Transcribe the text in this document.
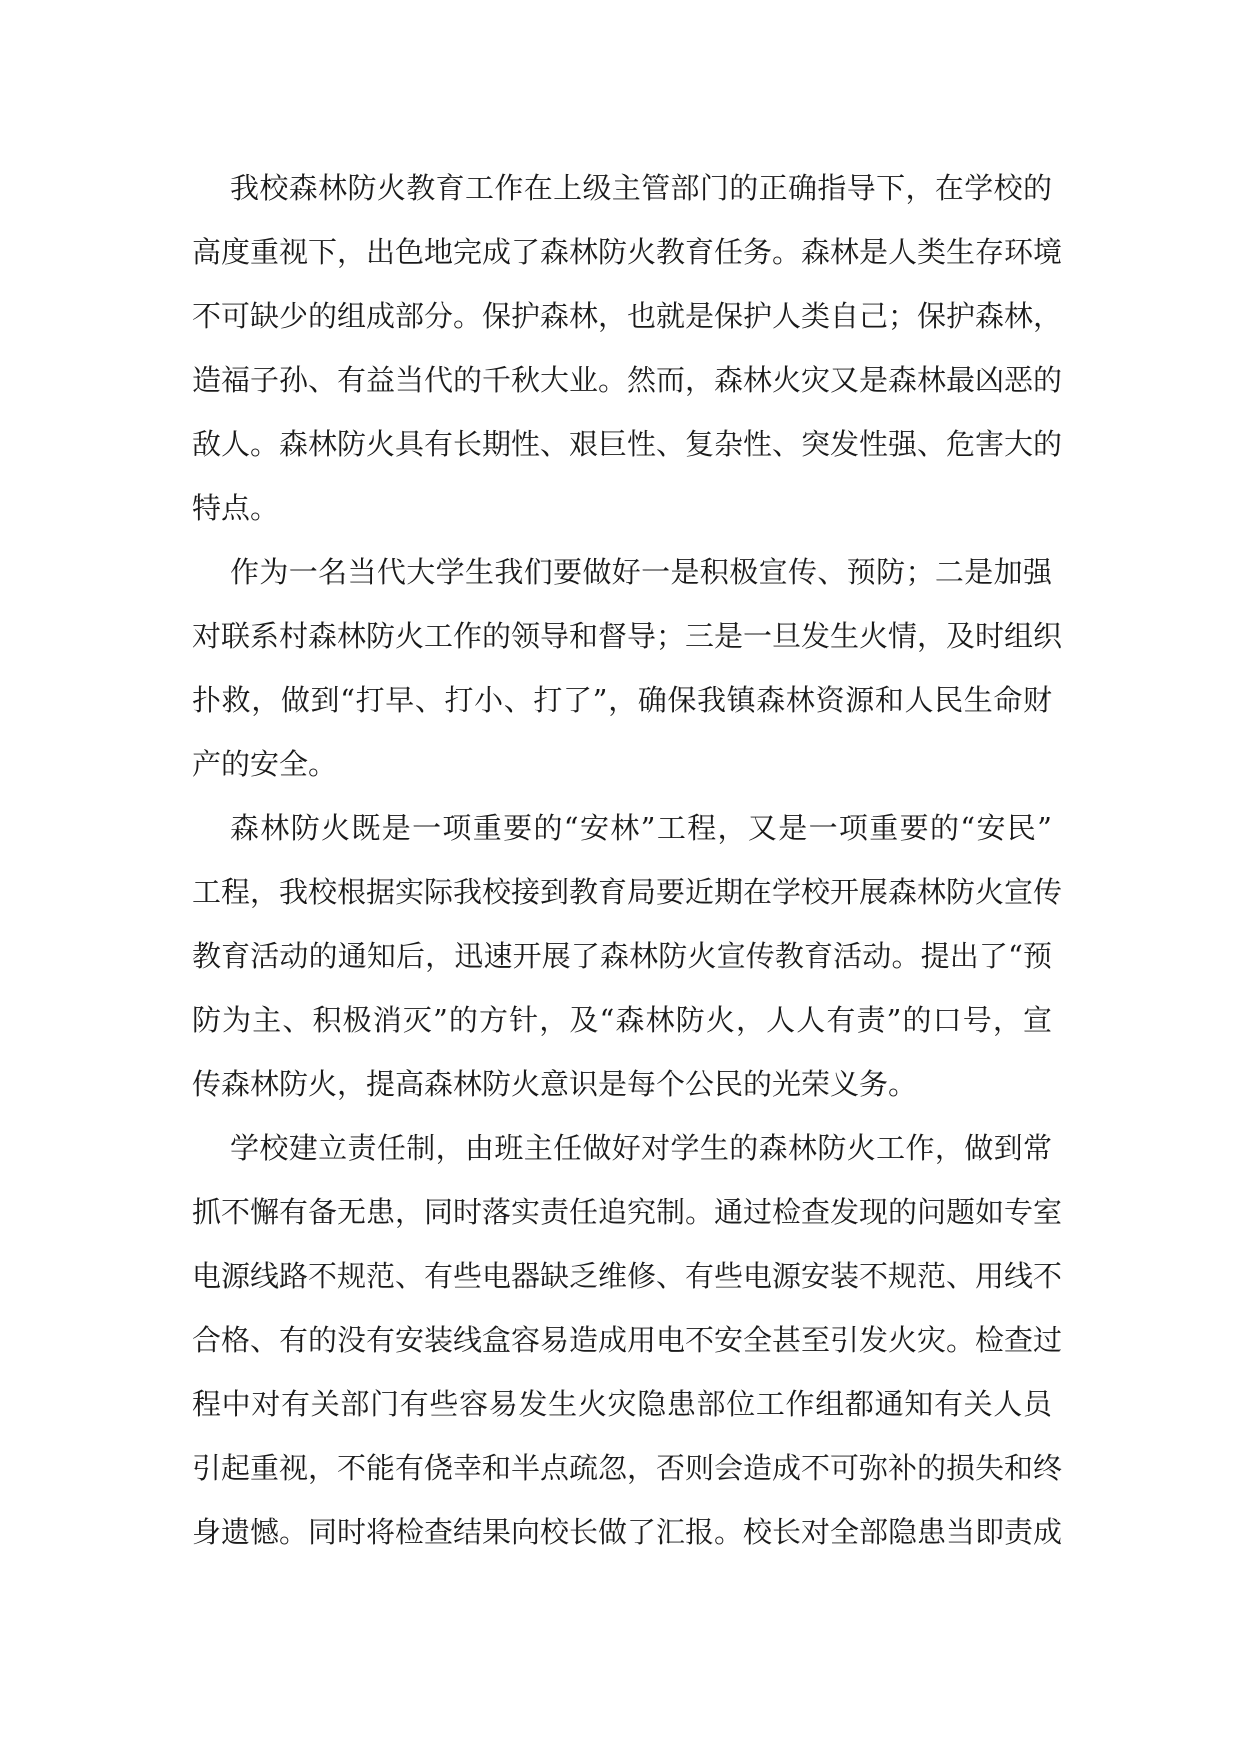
我校森林防火教育工作在上级主管部门的正确指导下，在学校的
高度重视下，出色地完成了森林防火教育任务。森林是人类生存环境
不可缺少的组成部分。保护森林，也就是保护人类自己；保护森林，
造福子孙、有益当代的千秋大业。然而，森林火灾又是森林最凶恶的
敌人。森林防火具有长期性、艰巨性、复杂性、突发性强、危害大的
特点。
作为一名当代大学生我们要做好一是积极宣传、预防；二是加强
对联系村森林防火工作的领导和督导；三是一旦发生火情，及时组织
扑救，做到“打早、打小、打了”，确保我镇森林资源和人民生命财
产的安全。
森林防火既是一项重要的“安林”工程，又是一项重要的“安民”
工程，我校根据实际我校接到教育局要近期在学校开展森林防火宣传
教育活动的通知后，迅速开展了森林防火宣传教育活动。提出了“预
防为主、积极消灭”的方针，及“森林防火，人人有责”的口号，宣
传森林防火，提高森林防火意识是每个公民的光荣义务。
学校建立责任制，由班主任做好对学生的森林防火工作，做到常
抓不懈有备无患，同时落实责任追究制。通过检查发现的问题如专室
电源线路不规范、有些电器缺乏维修、有些电源安装不规范、用线不
合格、有的没有安装线盒容易造成用电不安全甚至引发火灾。检查过
程中对有关部门有些容易发生火灾隐患部位工作组都通知有关人员
引起重视，不能有侥幸和半点疏忽，否则会造成不可弥补的损失和终
身遗憾。同时将检查结果向校长做了汇报。校长对全部隐患当即责成
